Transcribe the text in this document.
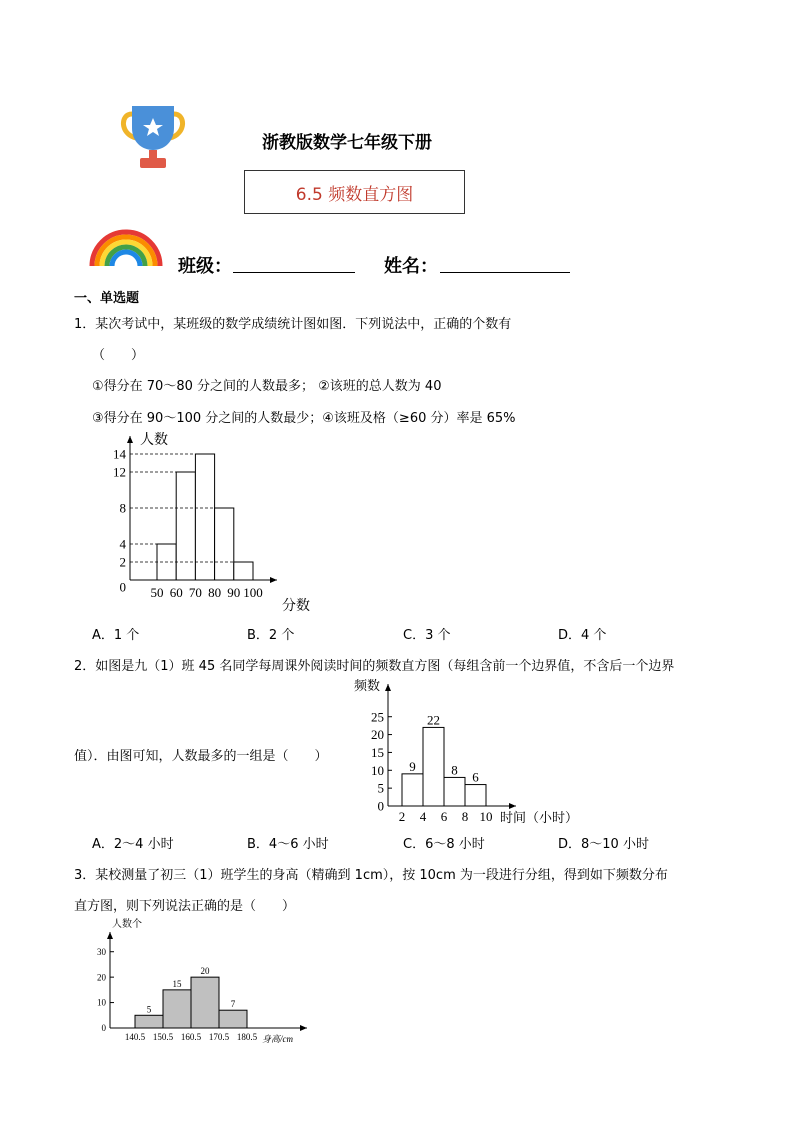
浙教版数学七年级下册
6.5 频数直方图
班级：	姓名：
一、单选题
1．某次考试中，某班级的数学成绩统计图如图．下列说法中，正确的个数有
（　　）
①得分在 70～80 分之间的人数最多； ②该班的总人数为 40
③得分在 90～100 分之间的人数最少；④该班及格（≥60 分）率是 65%
人数
分数
0
2
4
8
12
14
50 60 70 80 90 100
A．1 个	B．2 个	C．3 个	D．4 个
2．如图是九（1）班 45 名同学每周课外阅读时间的频数直方图（每组含前一个边界值，不含后一个边界
值）．由图可知，人数最多的一组是（　　）
频数
时间（小时）
9
22
8 6
0
5
10
15
20
25
2 4 6 8 10
A．2～4 小时	B．4～6 小时	C．6～8 小时	D．8～10 小时
3．某校测量了初三（1）班学生的身高（精确到 1cm），按 10cm 为一段进行分组，得到如下频数分布
直方图，则下列说法正确的是（　　）
人数个
身高/cm
5
15
20
7
0
10
20
30
140.5 150.5 160.5 170.5 180.5
